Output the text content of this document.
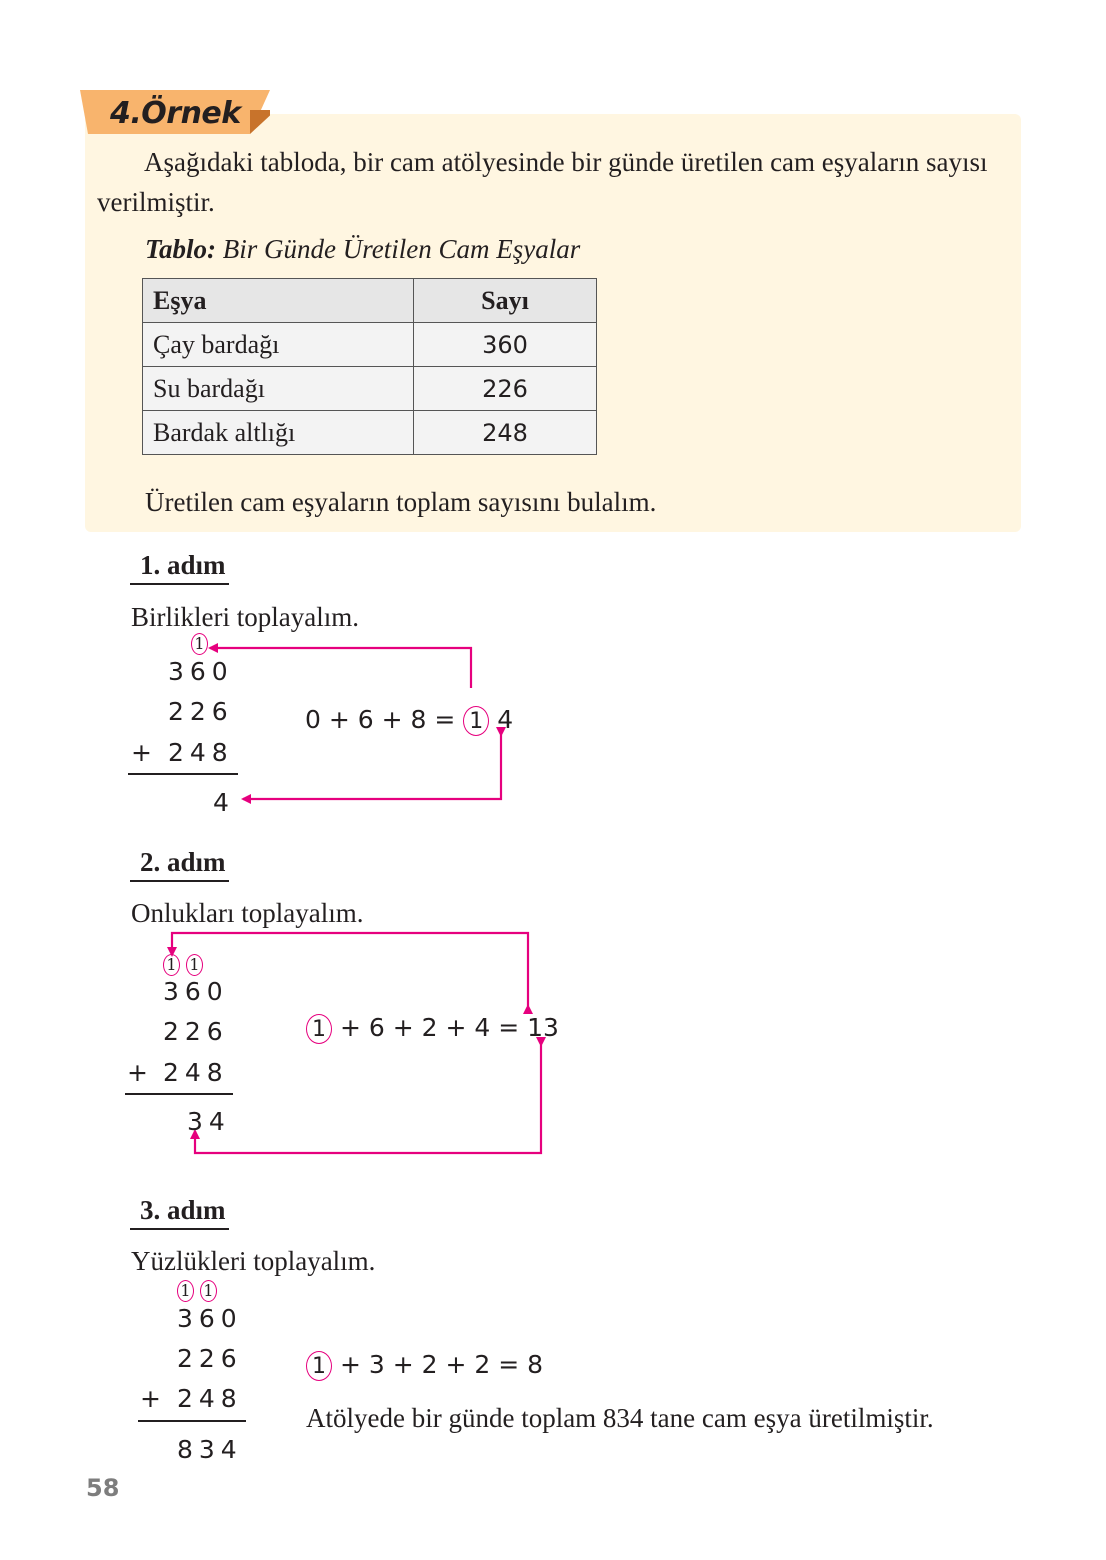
4.Örnek
Aşağıdaki tabloda, bir cam atölyesinde bir günde üretilen cam eşyaların sayısı verilmiştir.
Tablo: Bir Günde Üretilen Cam Eşyalar
Eşya	Sayı
Çay bardağı	360
Su bardağı	226
Bardak altlığı	248
Üretilen cam eşyaların toplam sayısını bulalım.
1. adım
Birlikleri toplayalım.
1
360
226
+ 248
4
0 + 6 + 8 = 1 4
2. adım
Onlukları toplayalım.
1 1
360
226
+ 248
34
1 + 6 + 2 + 4 = 13
3. adım
Yüzlükleri toplayalım.
1 1
360
226
+ 248
834
1 + 3 + 2 + 2 = 8
Atölyede bir günde toplam 834 tane cam eşya üretilmiştir.
58
